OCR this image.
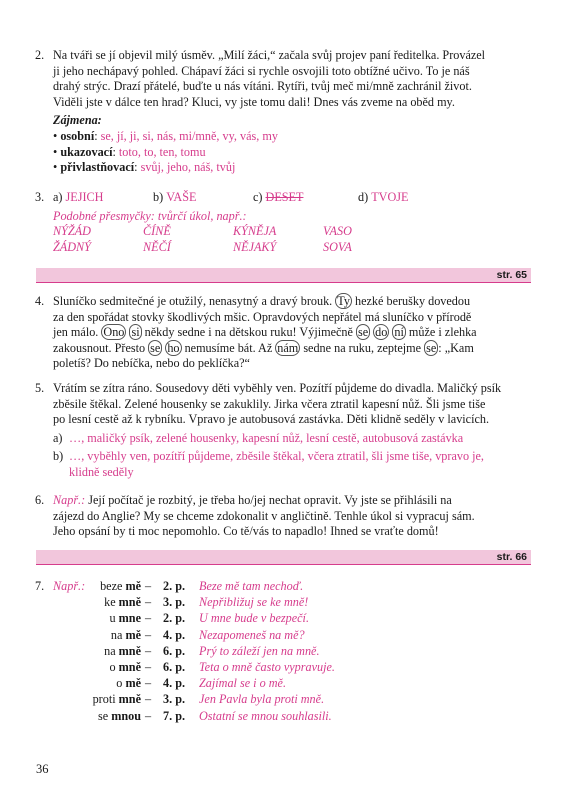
2. Na tváři se jí objevil milý úsměv. „Milí žáci,“ začala svůj projev paní ředitelka. Provázel

ji jeho nechápavý pohled. Chápaví žáci si rychle osvojili toto obtížné učivo. To je náš

drahý strýc. Drazí přátelé, buďte u nás vítáni. Rytíři, tvůj meč mi/mně zachránil život.

Viděli jste v dálce ten hrad? Kluci, vy jste tomu dali! Dnes vás zveme na oběd my.

Zájmena:

• osobní: se, jí, ji, si, nás, mi/mně, vy, vás, my
• ukazovací: toto, to, ten, tomu
• přivlastňovací: svůj, jeho, náš, tvůj
3. a) JEJICH	b) VAŠE	c) DESET	d) TVOJE

Podobné přesmyčky: tvůrčí úkol, např.:

NÝŽÁD	ČÍNĚ	KÝNĚJA	VASO
ŽÁDNÝ	NĚČÍ	NĚJAKÝ	SOVA
str. 65
4. Sluníčko sedmitečné je otužilý, nenasytný a dravý brouk. Ty hezké berušky dovedou

za den spořádat stovky škodlivých mšic. Opravdových nepřátel má sluníčko v přírodě

jen málo. Ono si někdy sedne i na dětskou ruku! Výjimečně se do ní může i zlehka

zakousnout. Přesto se ho nemusíme bát. Až nám sedne na ruku, zeptejme se : „Kam

poletíš? Do nebíčka, nebo do peklíčka?“

5. Vrátím se zítra ráno. Sousedovy děti vyběhly ven. Pozítří půjdeme do divadla. Maličký psík

zběsile štěkal. Zelené housenky se zakuklily. Jirka včera ztratil kapesní nůž. Šli jsme tiše

po lesní cestě až k rybníku. Vpravo je autobusová zastávka. Děti klidně seděly v lavicích.

a) …, maličký psík, zelené housenky, kapesní nůž, lesní cestě, autobusová zastávka
b) …, vyběhly ven, pozítří půjdeme, zběsile štěkal, včera ztratil, šli jsme tiše, vpravo je,

klidně seděly

6. Např.: Její počítač je rozbitý, je třeba ho/jej nechat opravit. Vy jste se přihlásili na

zájezd do Anglie? My se chceme zdokonalit v angličtině. Tenhle úkol si vypracuj sám.

Jeho opsání by ti moc nepomohlo. Co tě/vás to napadlo! Ihned se vraťte domů!

str. 66
7. Např.:	beze mě – 2. p.	Beze mě tam nechoď.
ke mně – 3. p.	Nepřibližuj se ke mně!
u mne – 2. p.	U mne bude v bezpečí.
na mě – 4. p.	Nezapomeneš na mě?
na mně – 6. p.	Prý to záleží jen na mně.
o mně – 6. p.	Teta o mně často vypravuje.
o mě – 4. p.	Zajímal se i o mě.
proti mně – 3. p.	Jen Pavla byla proti mně.
se mnou – 7. p.	Ostatní se mnou souhlasili.
36
